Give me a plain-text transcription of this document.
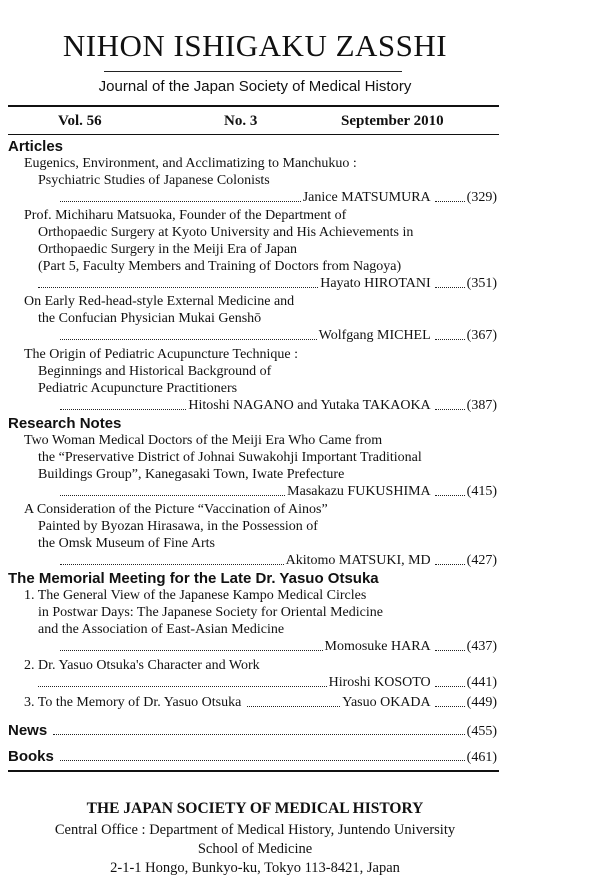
NIHON ISHIGAKU ZASSHI
Journal of the Japan Society of Medical History
Vol. 56	No. 3	September 2010
Articles
Eugenics, Environment, and Acclimatizing to Manchukuo :
Psychiatric Studies of Japanese Colonists
Janice MATSUMURA	(329)
Prof. Michiharu Matsuoka, Founder of the Department of
Orthopaedic Surgery at Kyoto University and His Achievements in
Orthopaedic Surgery in the Meiji Era of Japan
(Part 5, Faculty Members and Training of Doctors from Nagoya)
Hayato HIROTANI	(351)
On Early Red-head-style External Medicine and
the Confucian Physician Mukai Genshō
Wolfgang MICHEL	(367)
The Origin of Pediatric Acupuncture Technique :
Beginnings and Historical Background of
Pediatric Acupuncture Practitioners
Hitoshi NAGANO and Yutaka TAKAOKA	(387)
Research Notes
Two Woman Medical Doctors of the Meiji Era Who Came from
the “Preservative District of Johnai Suwakohji Important Traditional
Buildings Group”, Kanegasaki Town, Iwate Prefecture
Masakazu FUKUSHIMA	(415)
A Consideration of the Picture “Vaccination of Ainos”
Painted by Byozan Hirasawa, in the Possession of
the Omsk Museum of Fine Arts
Akitomo MATSUKI, MD	(427)
The Memorial Meeting for the Late Dr. Yasuo Otsuka
1. The General View of the Japanese Kampo Medical Circles
in Postwar Days: The Japanese Society for Oriental Medicine
and the Association of East-Asian Medicine
Momosuke HARA	(437)
2. Dr. Yasuo Otsuka's Character and Work
Hiroshi KOSOTO	(441)
3. To the Memory of Dr. Yasuo Otsuka	Yasuo OKADA	(449)
News	(455)
Books	(461)
THE JAPAN SOCIETY OF MEDICAL HISTORY
Central Office : Department of Medical History, Juntendo University
School of Medicine
2-1-1 Hongo, Bunkyo-ku, Tokyo 113-8421, Japan
